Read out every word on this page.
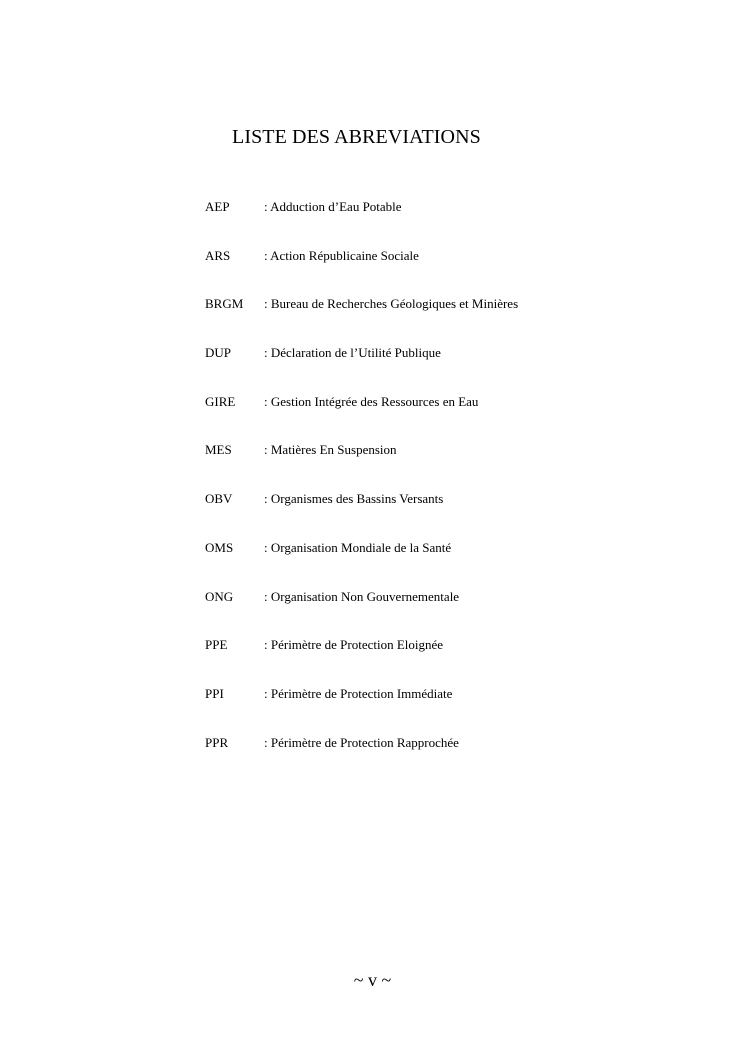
LISTE DES ABREVIATIONS
AEP	: Adduction d’Eau Potable
ARS	: Action Républicaine Sociale
BRGM : Bureau de Recherches Géologiques et Minières
DUP	: Déclaration de l’Utilité Publique
GIRE : Gestion Intégrée des Ressources en Eau
MES : Matières En Suspension
OBV : Organismes des Bassins Versants
OMS : Organisation Mondiale de la Santé
ONG : Organisation Non Gouvernementale
PPE	: Périmètre de Protection Eloignée
PPI	: Périmètre de Protection Immédiate
PPR	: Périmètre de Protection Rapprochée
~ v ~
